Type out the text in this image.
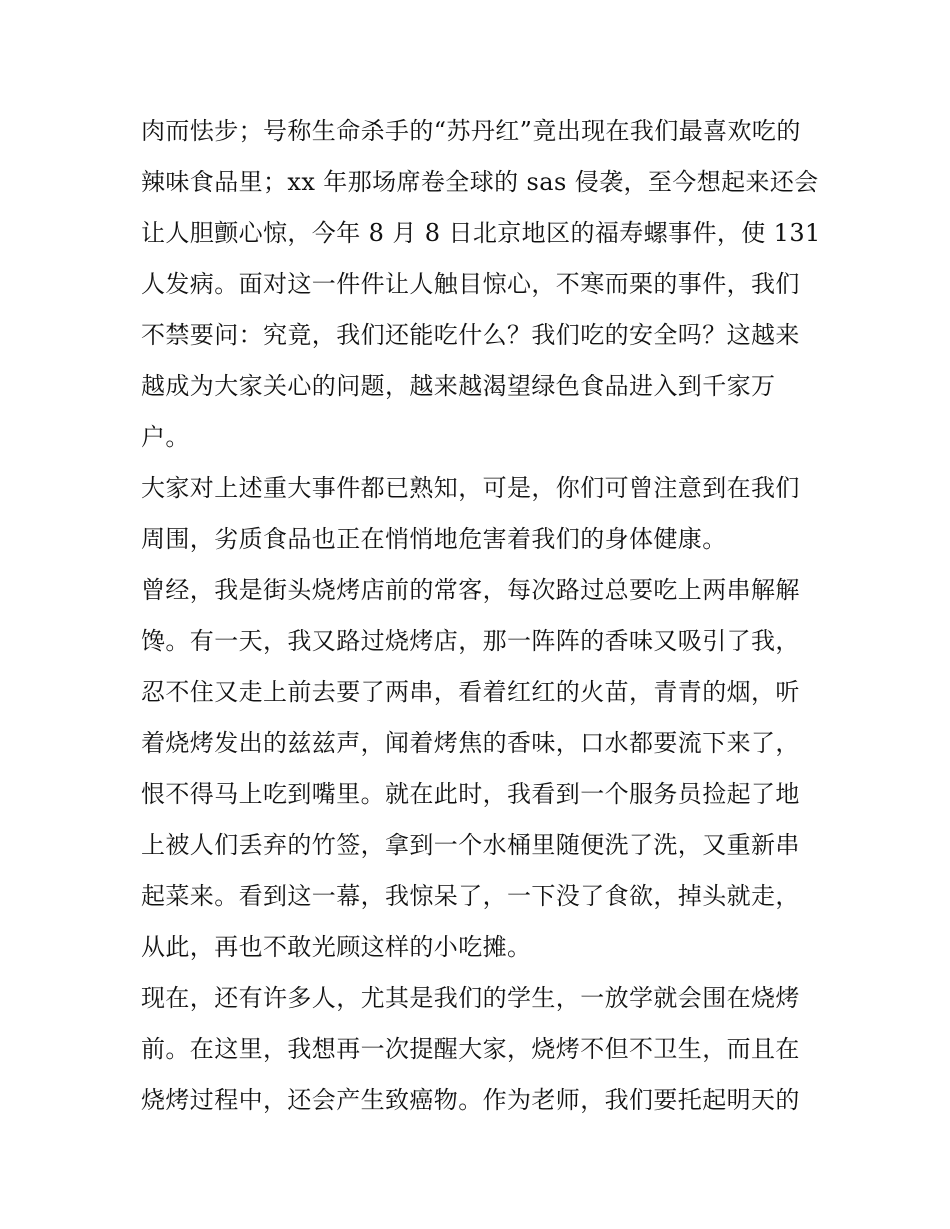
肉而怯步；号称生命杀手的“苏丹红”竟出现在我们最喜欢吃的
辣味食品里；xx 年那场席卷全球的 sas 侵袭，至今想起来还会
让人胆颤心惊，今年 8 月 8 日北京地区的福寿螺事件，使 131
人发病。面对这一件件让人触目惊心，不寒而栗的事件，我们
不禁要问：究竟，我们还能吃什么？我们吃的安全吗？这越来
越成为大家关心的问题，越来越渴望绿色食品进入到千家万
户。
大家对上述重大事件都已熟知，可是，你们可曾注意到在我们
周围，劣质食品也正在悄悄地危害着我们的身体健康。
曾经，我是街头烧烤店前的常客，每次路过总要吃上两串解解
馋。有一天，我又路过烧烤店，那一阵阵的香味又吸引了我，
忍不住又走上前去要了两串，看着红红的火苗，青青的烟，听
着烧烤发出的兹兹声，闻着烤焦的香味，口水都要流下来了，
恨不得马上吃到嘴里。就在此时，我看到一个服务员捡起了地
上被人们丢弃的竹签，拿到一个水桶里随便洗了洗，又重新串
起菜来。看到这一幕，我惊呆了，一下没了食欲，掉头就走，
从此，再也不敢光顾这样的小吃摊。
现在，还有许多人，尤其是我们的学生，一放学就会围在烧烤
前。在这里，我想再一次提醒大家，烧烤不但不卫生，而且在
烧烤过程中，还会产生致癌物。作为老师，我们要托起明天的
